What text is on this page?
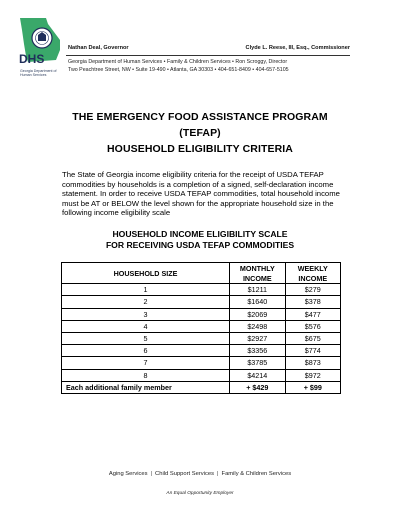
DHS
Georgia Department of Human Services
Nathan Deal, Governor	Clyde L. Reese, III, Esq., Commissioner
Georgia Department of Human Services • Family & Children Services • Ron Scroggy, Director
Two Peachtree Street, NW • Suite 19-490 • Atlanta, GA 30303 • 404-651-8409 • 404-657-5105
THE EMERGENCY FOOD ASSISTANCE PROGRAM
(TEFAP)
HOUSEHOLD ELIGIBILITY CRITERIA
The State of Georgia income eligibility criteria for the receipt of USDA TEFAP commodities by households is a completion of a signed, self-declaration income statement. In order to receive USDA TEFAP commodities, total household income must be AT or BELOW the level shown for the appropriate household size in the following income eligibility scale
HOUSEHOLD INCOME ELIGIBILITY SCALE
FOR RECEIVING USDA TEFAP COMMODITIES
HOUSEHOLD SIZE	MONTHLY INCOME	WEEKLY INCOME
1	$1211	$279
2	$1640	$378
3	$2069	$477
4	$2498	$576
5	$2927	$675
6	$3356	$774
7	$3785	$873
8	$4214	$972
Each additional family member	+ $429	+ $99
Aging Services | Child Support Services | Family & Children Services
An Equal Opportunity Employer
